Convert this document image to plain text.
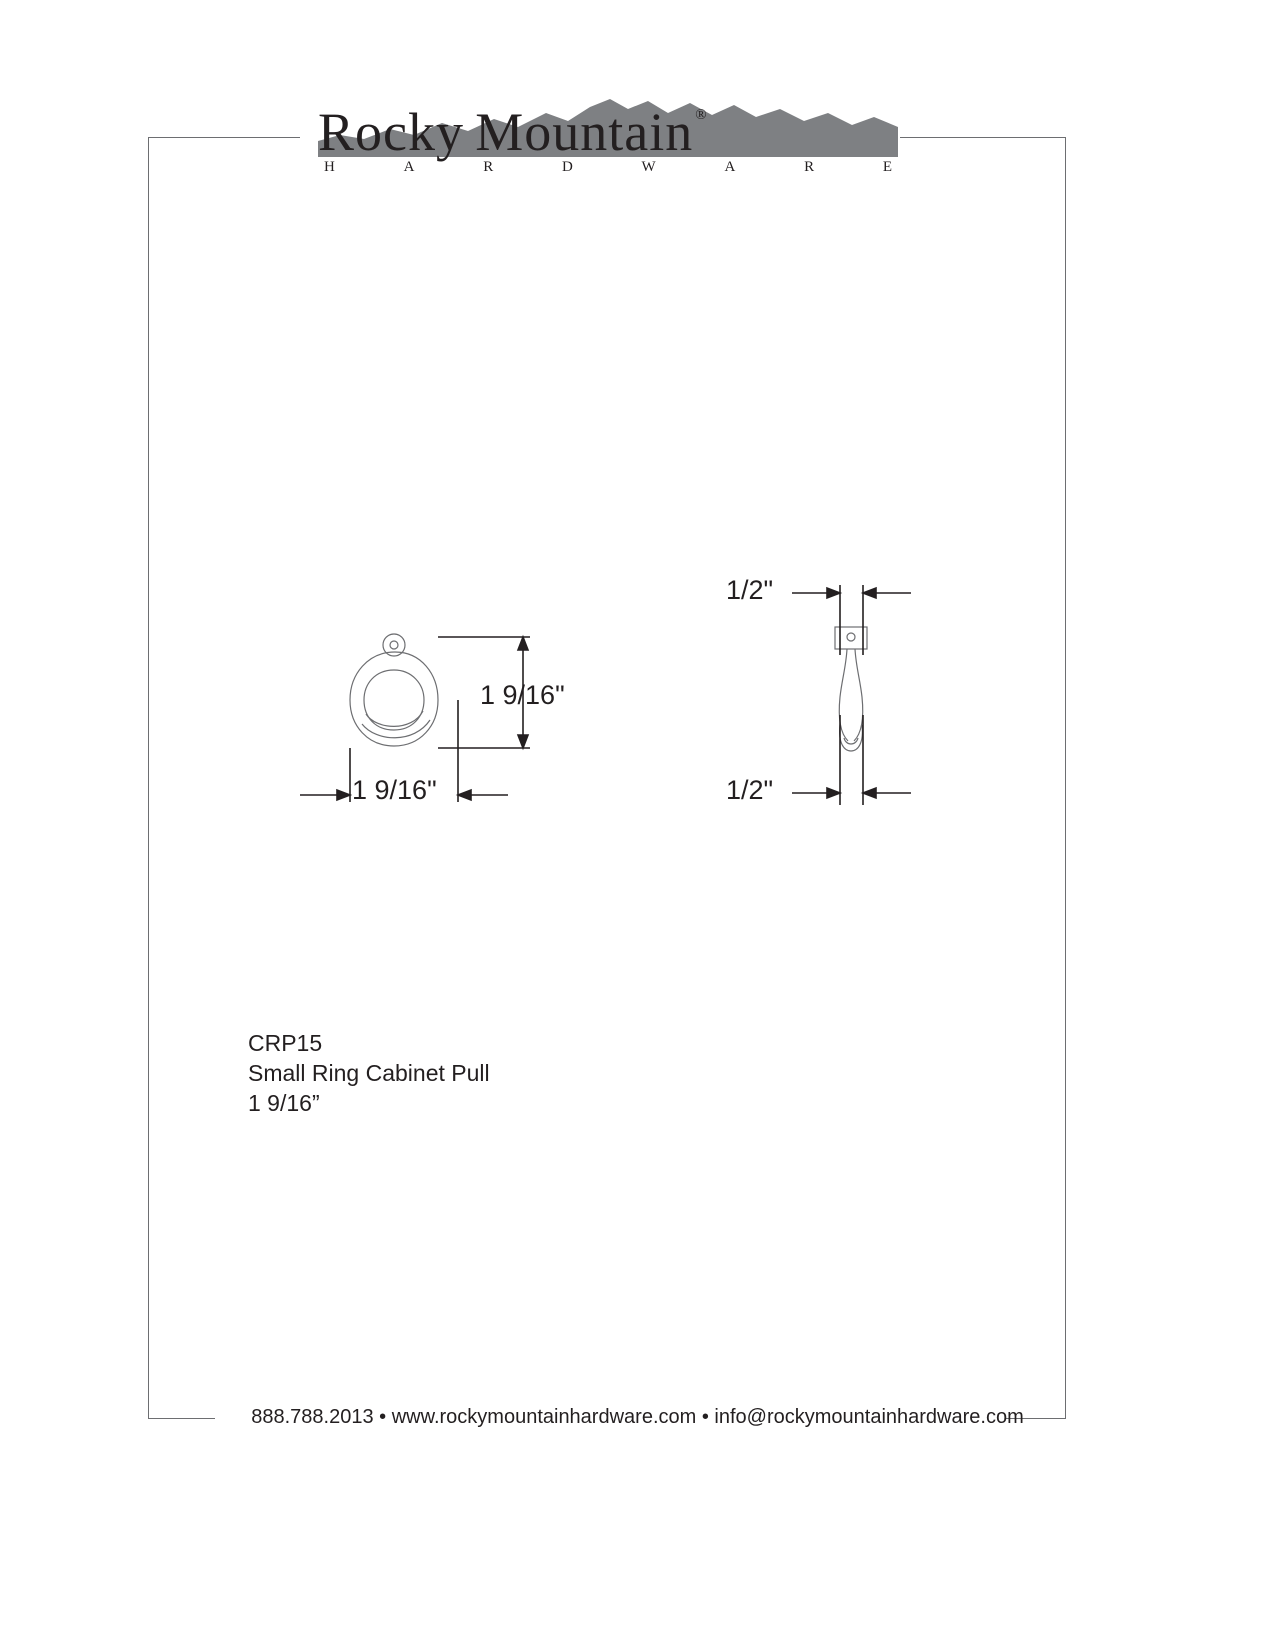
Rocky Mountain ®
H	A	R	D	W	A	R	E
1 9/16"
1 9/16"
1/2"
1/2"
CRP15
Small Ring Cabinet Pull
1 9/16”
888.788.2013 • www.rockymountainhardware.com • info@rockymountainhardware.com
